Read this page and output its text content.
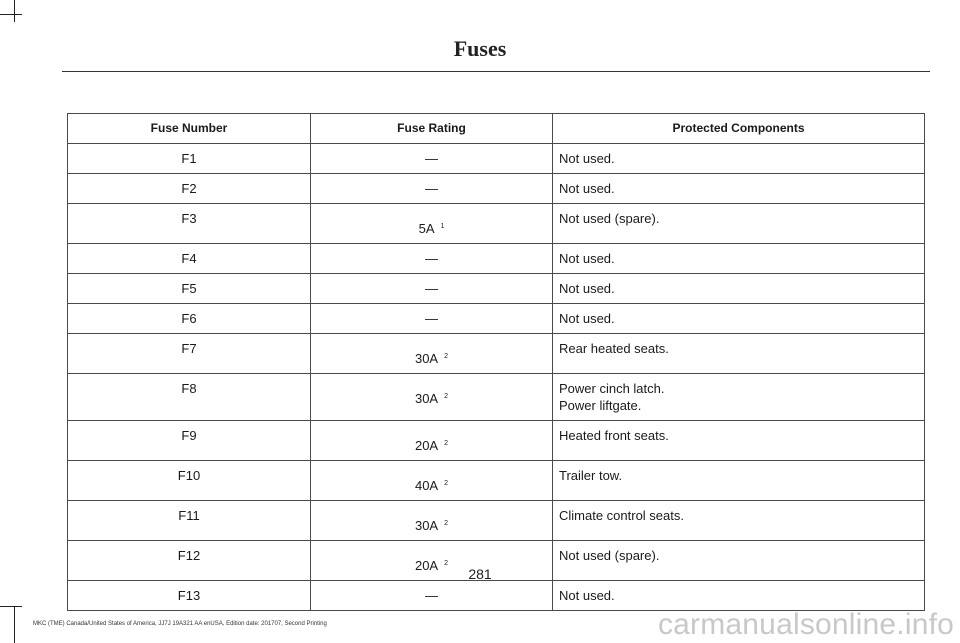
Fuses
Fuse Number	Fuse Rating	Protected Components
F1	—	Not used.

F2	—	Not used.

F3	5A $^1$	Not used (spare).

F4	—	Not used.

F5	—	Not used.

F6	—	Not used.

F7	30A $^2$	Rear heated seats.

F8	30A $^2$	Power cinch latch.
Power liftgate.

F9	20A $^2$	Heated front seats.

F10	40A $^2$	Trailer tow.

F11	30A $^2$	Climate control seats.

F12	20A $^2$	Not used (spare).

F13	—	Not used.
281
MKC (TME) Canada/United States of America, JJ7J 19A321 AA enUSA, Edition date: 201707, Second Printing	carmanualsonline.info
